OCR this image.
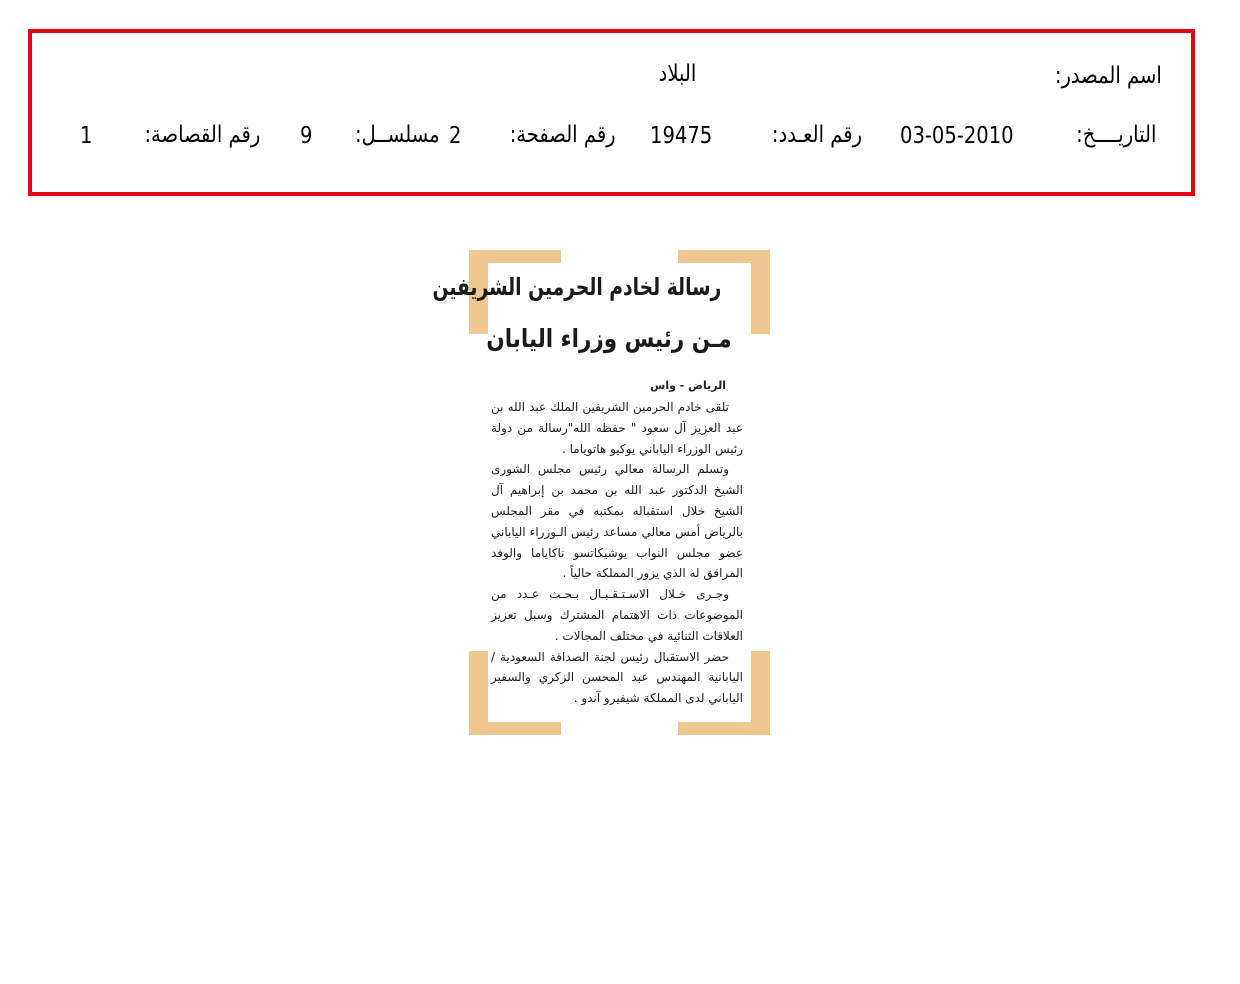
اسم المصدر:
البلاد
التاريــــخ:
03-05-2010
رقم العـدد:
19475
رقم الصفحة:
2
مسلســل:
9
رقم القصاصة:
1
رسالة لخادم الحرمين الشريفين
مـن رئيس وزراء اليابان
الرياض - واس

تلقى خادم الحرمين الشريفين الملك عبد الله بن عبد العزيز آل سعود " حفظه الله"رسالة من دولة رئيس الوزراء الياباني يوكيو هاتوياما .

وتسلم الرسالة معالي رئيس مجلس الشورى الشيخ الدكتور عبد الله بن محمد بن إبراهيم آل الشيخ خلال استقباله بمكتبه في مقر المجلس بالرياض أمس معالي مساعد رئيس الـوزراء الياباني عضو مجلس النواب يوشيكاتسو ناكاياما والوفد المرافق له الذي يزور المملكة حالياً .

وجـرى خـلال الاسـتـقـبـال بـحـث عـدد من الموضوعات ذات الاهتمام المشترك وسبل تعزيز العلاقات الثنائية في مختلف المجالات .

حضر الاستقبال رئيس لجنة الصداقة السعودية / اليابانية المهندس عبد المحسن الزكري والسفير الياباني لدى المملكة شيفيرو آندو .
